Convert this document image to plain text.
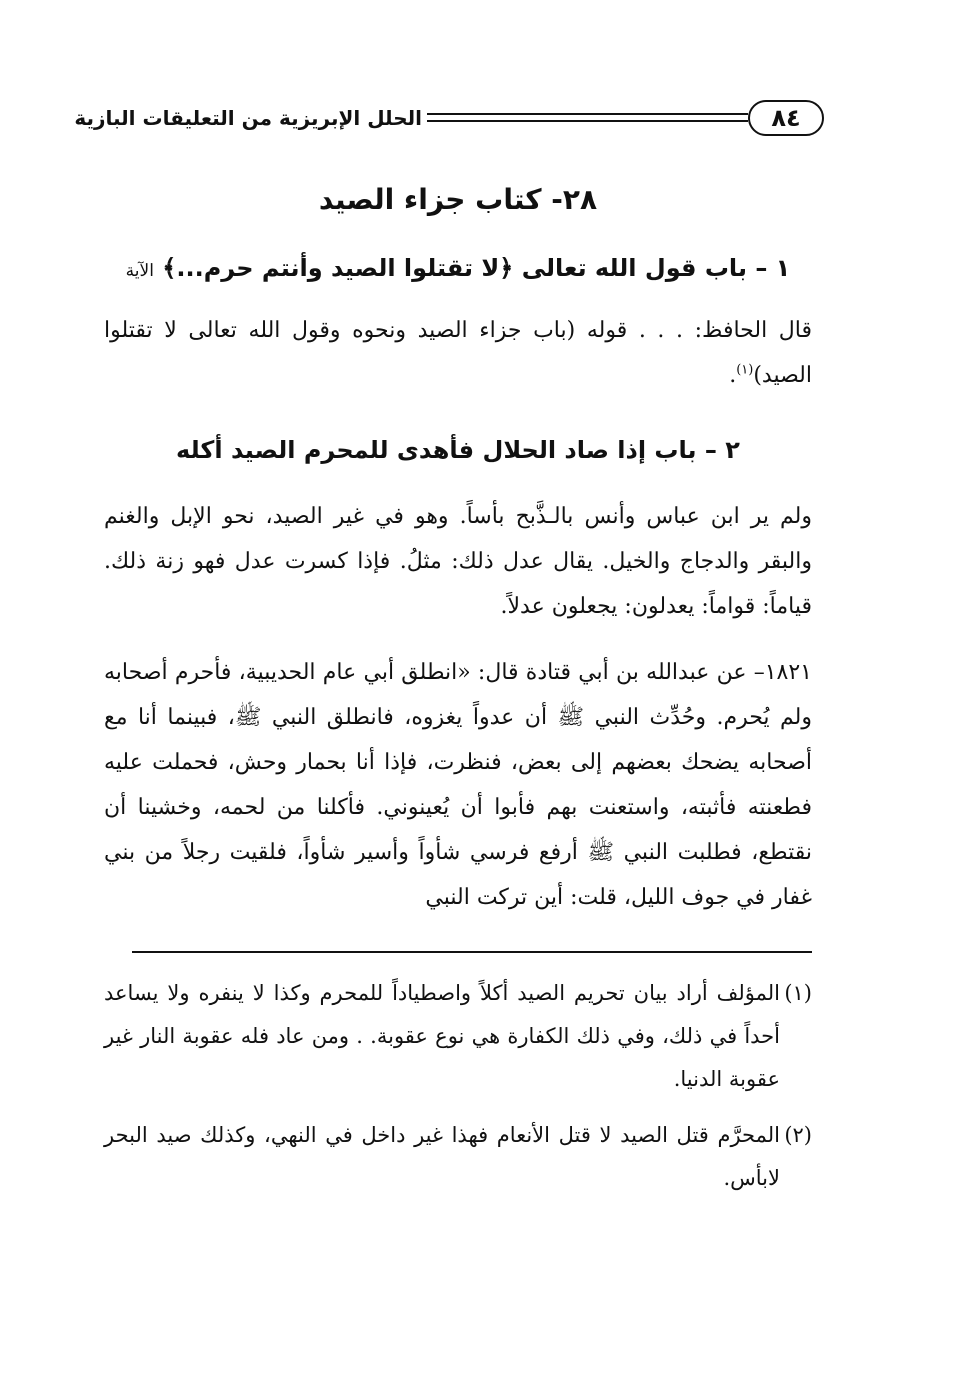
٨٤
الحلل الإبريزية من التعليقات البازية
٢٨- كتاب جزاء الصيد
١ – باب قول الله تعالى ﴿لا تقتلوا الصيد وأنتم حرم...﴾ الآية

قال الحافظ: . . . قوله (باب جزاء الصيد ونحوه وقول الله تعالى لا تقتلوا الصيد)$^{(١)}$.

٢ – باب إذا صاد الحلال فأهدى للمحرم الصيد أكله

ولم ير ابن عباس وأنس بالـذَّبح بأساً. وهو في غير الصيد، نحو الإبل والغنم والبقر والدجاج والخيل. يقال عدل ذلك: مثلُ. فإذا كسرت عدل فهو زنة ذلك. قياماً: قواماً: يعدلون: يجعلون عدلاً.

١٨٢١– عن عبدالله بن أبي قتادة قال: «انطلق أبي عام الحديبية، فأحرم أصحابه ولم يُحرم. وحُدِّث النبي ﷺ أن عدواً يغزوه، فانطلق النبي ﷺ، فبينما أنا مع أصحابه يضحك بعضهم إلى بعض، فنظرت، فإذا أنا بحمار وحش، فحملت عليه فطعنته فأثبته، واستعنت بهم فأبوا أن يُعينوني. فأكلنا من لحمه، وخشينا أن نقتطع، فطلبت النبي ﷺ أرفع فرسي شأواً وأسير شأواً، فلقيت رجلاً من بني غفار في جوف الليل، قلت: أين تركت النبي

(١)
المؤلف أراد بيان تحريم الصيد أكلاً واصطياداً للمحرم وكذا لا ينفره ولا يساعد أحداً في ذلك، وفي ذلك الكفارة هي نوع عقوبة. . ومن عاد فله عقوبة النار غير عقوبة الدنيا.

(٢)
المحرَّم قتل الصيد لا قتل الأنعام فهذا غير داخل في النهي، وكذلك صيد البحر لابأس.
